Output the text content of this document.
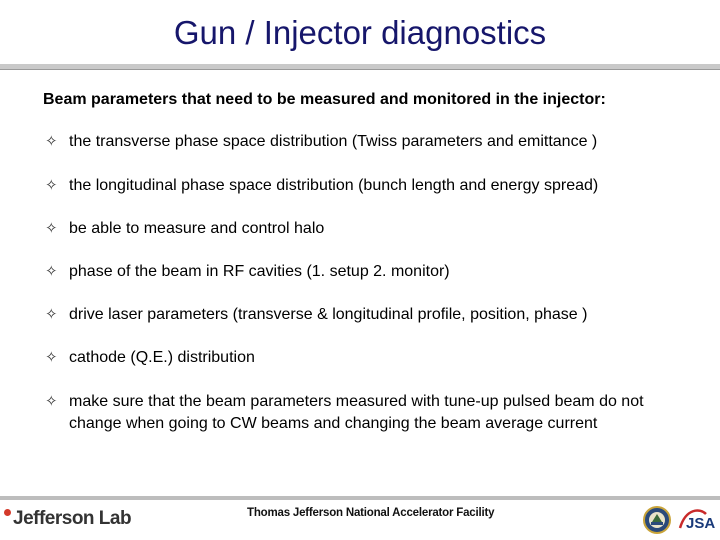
Gun / Injector diagnostics
Beam parameters that need to be measured and monitored in the injector:
✧ the transverse phase space distribution (Twiss parameters and emittance )
✧ the longitudinal phase space distribution (bunch length and energy spread)
✧ be able to measure and control halo
✧ phase of the beam in RF cavities (1. setup 2. monitor)
✧ drive laser parameters (transverse & longitudinal profile, position, phase )
✧ cathode (Q.E.) distribution
✧ make sure that the beam parameters measured with tune-up pulsed beam do not change when going to CW beams and changing the beam average current
Jefferson Lab	Thomas Jefferson National Accelerator Facility
JSA
